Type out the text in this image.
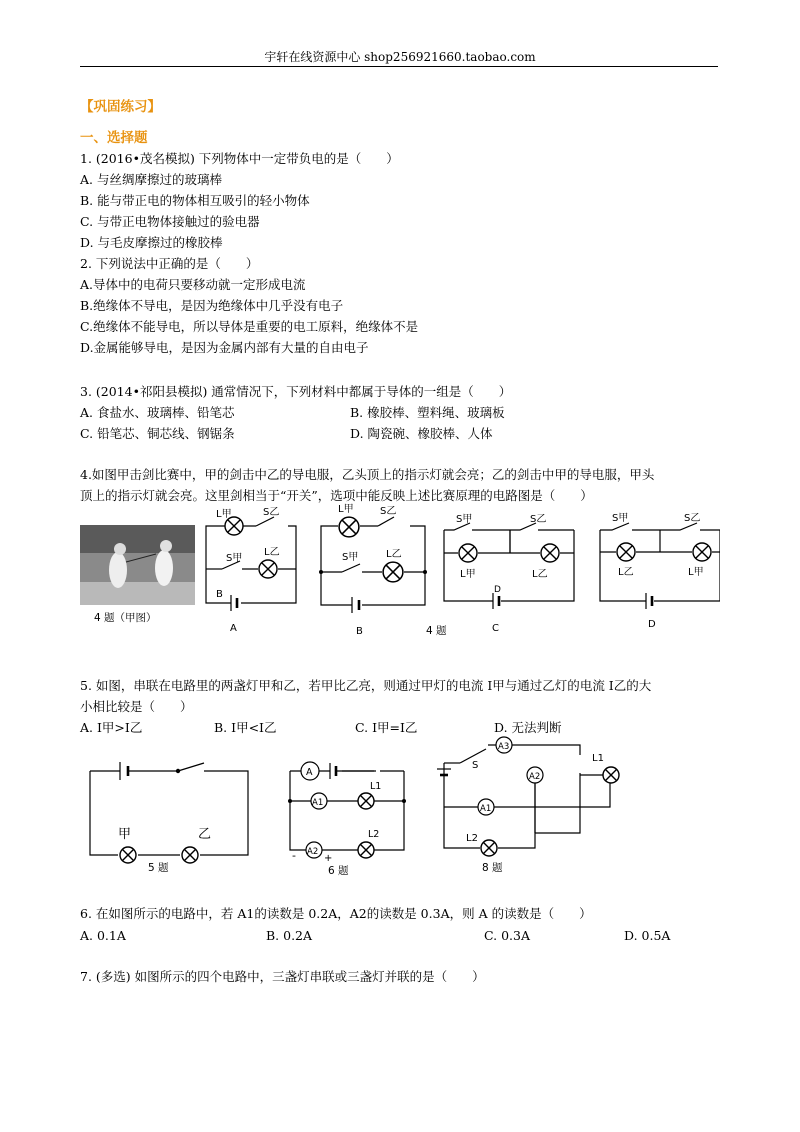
宇轩在线资源中心 shop256921660.taobao.com
【巩固练习】
一、选择题
1. (2016•茂名模拟) 下列物体中一定带负电的是（　　）
A. 与丝绸摩擦过的玻璃棒
B. 能与带正电的物体相互吸引的轻小物体
C. 与带正电物体接触过的验电器
D. 与毛皮摩擦过的橡胶棒
2. 下列说法中正确的是（　　）
A.导体中的电荷只要移动就一定形成电流
B.绝缘体不导电，是因为绝缘体中几乎没有电子
C.绝缘体不能导电，所以导体是重要的电工原料，绝缘体不是
D.金属能够导电，是因为金属内部有大量的自由电子
3. (2014•祁阳县模拟) 通常情况下，下列材料中都属于导体的一组是（　　）
A. 食盐水、玻璃棒、铅笔芯	B. 橡胶棒、塑料绳、玻璃板
C. 铅笔芯、铜芯线、钢锯条	D. 陶瓷碗、橡胶棒、人体
4.如图甲击剑比赛中，甲的剑击中乙的导电服，乙头顶上的指示灯就会亮；乙的剑击中甲的导电服，甲头
顶上的指示灯就会亮。这里剑相当于“开关”，选项中能反映上述比赛原理的电路图是（　　）
4 题（甲图）
L甲	S乙
S甲
L乙
B
A
L甲	S乙
S甲	L乙
B	4 题
S甲	S乙
L甲	L乙
D
C
S甲	S乙
L乙	L甲
D
5. 如图，串联在电路里的两盏灯甲和乙，若甲比乙亮，则通过甲灯的电流 I甲与通过乙灯的电流 I乙的大
小相比较是（　　）
A. I甲>I乙	B. I甲<I乙	C. I甲=I乙	D. 无法判断
甲	乙
5 题
A
A1
A2
L1
L2
-	+
6 题
A3
A2
A1
L1
L2
S
8 题
6. 在如图所示的电路中，若 A1的读数是 0.2A，A2的读数是 0.3A，则 A 的读数是（　　）
A. 0.1A	B. 0.2A	C. 0.3A	D. 0.5A
7. (多选) 如图所示的四个电路中，三盏灯串联或三盏灯并联的是（　　）
